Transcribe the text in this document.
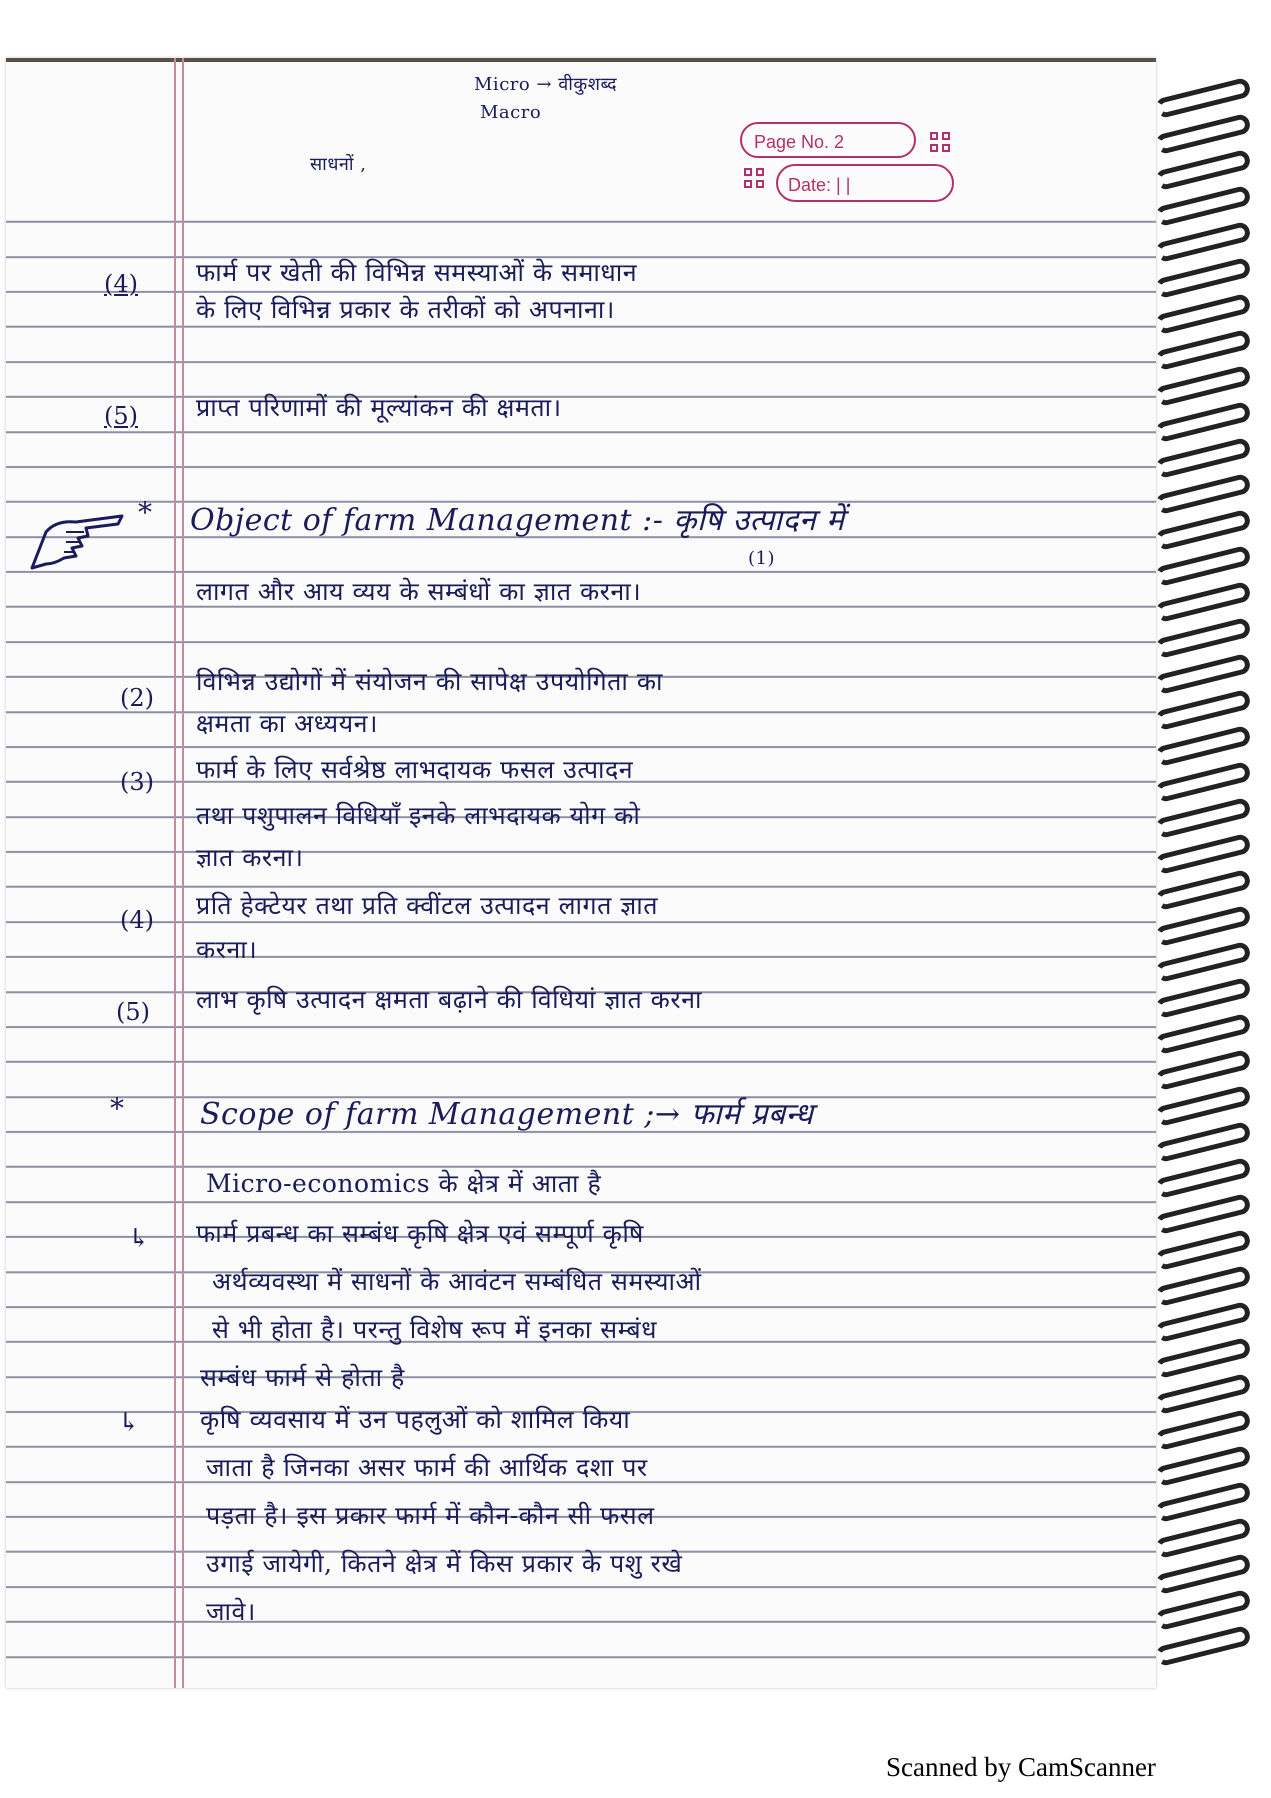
Micro → वीकुशब्द
Macro
साधनों ,
Page No. 2
Date: | |
(4) फार्म पर खेती की विभिन्न समस्याओं के समाधान
के लिए विभिन्न प्रकार के तरीकों को अपनाना।
(5) प्राप्त परिणामों की मूल्यांकन की क्षमता।
* Object of farm Management :- कृषि उत्पादन में
(1)
लागत और आय व्यय के सम्बंधों का ज्ञात करना।
(2)
विभिन्न उद्योगों में संयोजन की सापेक्ष उपयोगिता का
क्षमता का अध्ययन।
(3) फार्म के लिए सर्वश्रेष्ठ लाभदायक फसल उत्पादन
तथा पशुपालन विधियाँ इनके लाभदायक योग को
ज्ञात करना।
(4) प्रति हेक्टेयर तथा प्रति क्वींटल उत्पादन लागत ज्ञात
करना।
(5) लाभ कृषि उत्पादन क्षमता बढ़ाने की विधियां ज्ञात करना
*	Scope of farm Management ;→ फार्म प्रबन्ध
Micro-economics के क्षेत्र में आता है
↳ फार्म प्रबन्ध का सम्बंध कृषि क्षेत्र एवं सम्पूर्ण कृषि
अर्थव्यवस्था में साधनों के आवंटन सम्बंधित समस्याओं
से भी होता है। परन्तु विशेष रूप में इनका सम्बंध
सम्बंध फार्म से होता है
↳ कृषि व्यवसाय में उन पहलुओं को शामिल किया
जाता है जिनका असर फार्म की आर्थिक दशा पर
पड़ता है। इस प्रकार फार्म में कौन-कौन सी फसल
उगाई जायेगी, कितने क्षेत्र में किस प्रकार के पशु रखे
जावे।
Scanned by CamScanner
